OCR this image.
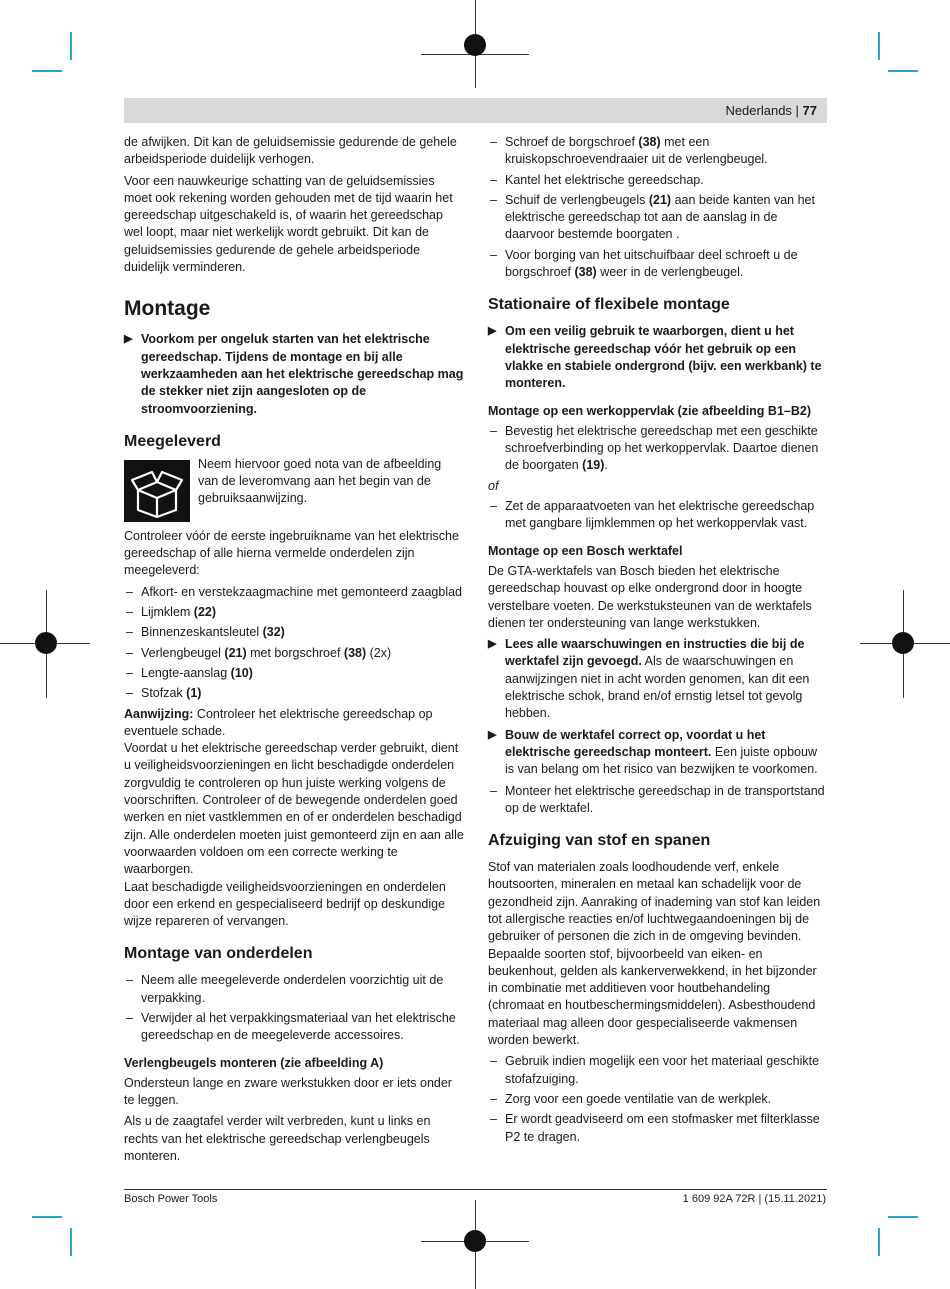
Nederlands | 77

de afwijken. Dit kan de geluidsemissie gedurende de gehele arbeidsperiode duidelijk verhogen.

Voor een nauwkeurige schatting van de geluidsemissies moet ook rekening worden gehouden met de tijd waarin het gereedschap uitgeschakeld is, of waarin het gereedschap wel loopt, maar niet werkelijk wordt gebruikt. Dit kan de geluidsemissies gedurende de gehele arbeidsperiode duidelijk verminderen.

Montage
▶ Voorkom per ongeluk starten van het elektrische gereedschap. Tijdens de montage en bij alle werkzaamheden aan het elektrische gereedschap mag de stekker niet zijn aangesloten op de stroomvoorziening.
Meegeleverd
Neem hiervoor goed nota van de afbeelding van de leveromvang aan het begin van de gebruiksaanwijzing.

Controleer vóór de eerste ingebruikname van het elektrische gereedschap of alle hierna vermelde onderdelen zijn meegeleverd:

– Afkort- en verstekzaagmachine met gemonteerd zaagblad
– Lijmklem (22)
– Binnenzeskantsleutel (32)
– Verlengbeugel (21) met borgschroef (38) (2x)
– Lengte-aanslag (10)
– Stofzak (1)

Aanwijzing: Controleer het elektrische gereedschap op eventuele schade.

Voordat u het elektrische gereedschap verder gebruikt, dient u veiligheidsvoorzieningen en licht beschadigde onderdelen zorgvuldig te controleren op hun juiste werking volgens de voorschriften. Controleer of de bewegende onderdelen goed werken en niet vastklemmen en of er onderdelen beschadigd zijn. Alle onderdelen moeten juist gemonteerd zijn en aan alle voorwaarden voldoen om een correcte werking te waarborgen.

Laat beschadigde veiligheidsvoorzieningen en onderdelen door een erkend en gespecialiseerd bedrijf op deskundige wijze repareren of vervangen.

Montage van onderdelen
– Neem alle meegeleverde onderdelen voorzichtig uit de verpakking.
– Verwijder al het verpakkingsmateriaal van het elektrische gereedschap en de meegeleverde accessoires.
Verlengbeugels monteren (zie afbeelding A)

Ondersteun lange en zware werkstukken door er iets onder te leggen.

Als u de zaagtafel verder wilt verbreden, kunt u links en rechts van het elektrische gereedschap verlengbeugels monteren.

– Schroef de borgschroef (38) met een kruiskopschroevendraaier uit de verlengbeugel.
– Kantel het elektrische gereedschap.
– Schuif de verlengbeugels (21) aan beide kanten van het elektrische gereedschap tot aan de aanslag in de daarvoor bestemde boorgaten .
– Voor borging van het uitschuifbaar deel schroeft u de borgschroef (38) weer in de verlengbeugel.
Stationaire of flexibele montage
▶ Om een veilig gebruik te waarborgen, dient u het elektrische gereedschap vóór het gebruik op een vlakke en stabiele ondergrond (bijv. een werkbank) te monteren.
Montage op een werkoppervlak (zie afbeelding B1–B2)
– Bevestig het elektrische gereedschap met een geschikte schroefverbinding op het werkoppervlak. Daartoe dienen de boorgaten (19).
of
– Zet de apparaatvoeten van het elektrische gereedschap met gangbare lijmklemmen op het werkoppervlak vast.
Montage op een Bosch werktafel

De GTA-werktafels van Bosch bieden het elektrische gereedschap houvast op elke ondergrond door in hoogte verstelbare voeten. De werkstuksteunen van de werktafels dienen ter ondersteuning van lange werkstukken.

▶ Lees alle waarschuwingen en instructies die bij de werktafel zijn gevoegd. Als de waarschuwingen en aanwijzingen niet in acht worden genomen, kan dit een elektrische schok, brand en/of ernstig letsel tot gevolg hebben.
▶ Bouw de werktafel correct op, voordat u het elektrische gereedschap monteert. Een juiste opbouw is van belang om het risico van bezwijken te voorkomen.
– Monteer het elektrische gereedschap in de transportstand op de werktafel.
Afzuiging van stof en spanen

Stof van materialen zoals loodhoudende verf, enkele houtsoorten, mineralen en metaal kan schadelijk voor de gezondheid zijn. Aanraking of inademing van stof kan leiden tot allergische reacties en/of luchtwegaandoeningen bij de gebruiker of personen die zich in de omgeving bevinden. Bepaalde soorten stof, bijvoorbeeld van eiken- en beukenhout, gelden als kankerverwekkend, in het bijzonder in combinatie met additieven voor houtbehandeling (chromaat en houtbeschermingsmiddelen). Asbesthoudend materiaal mag alleen door gespecialiseerde vakmensen worden bewerkt.

– Gebruik indien mogelijk een voor het materiaal geschikte stofafzuiging.
– Zorg voor een goede ventilatie van de werkplek.
– Er wordt geadviseerd om een stofmasker met filterklasse P2 te dragen.
Bosch Power Tools	1 609 92A 72R | (15.11.2021)
